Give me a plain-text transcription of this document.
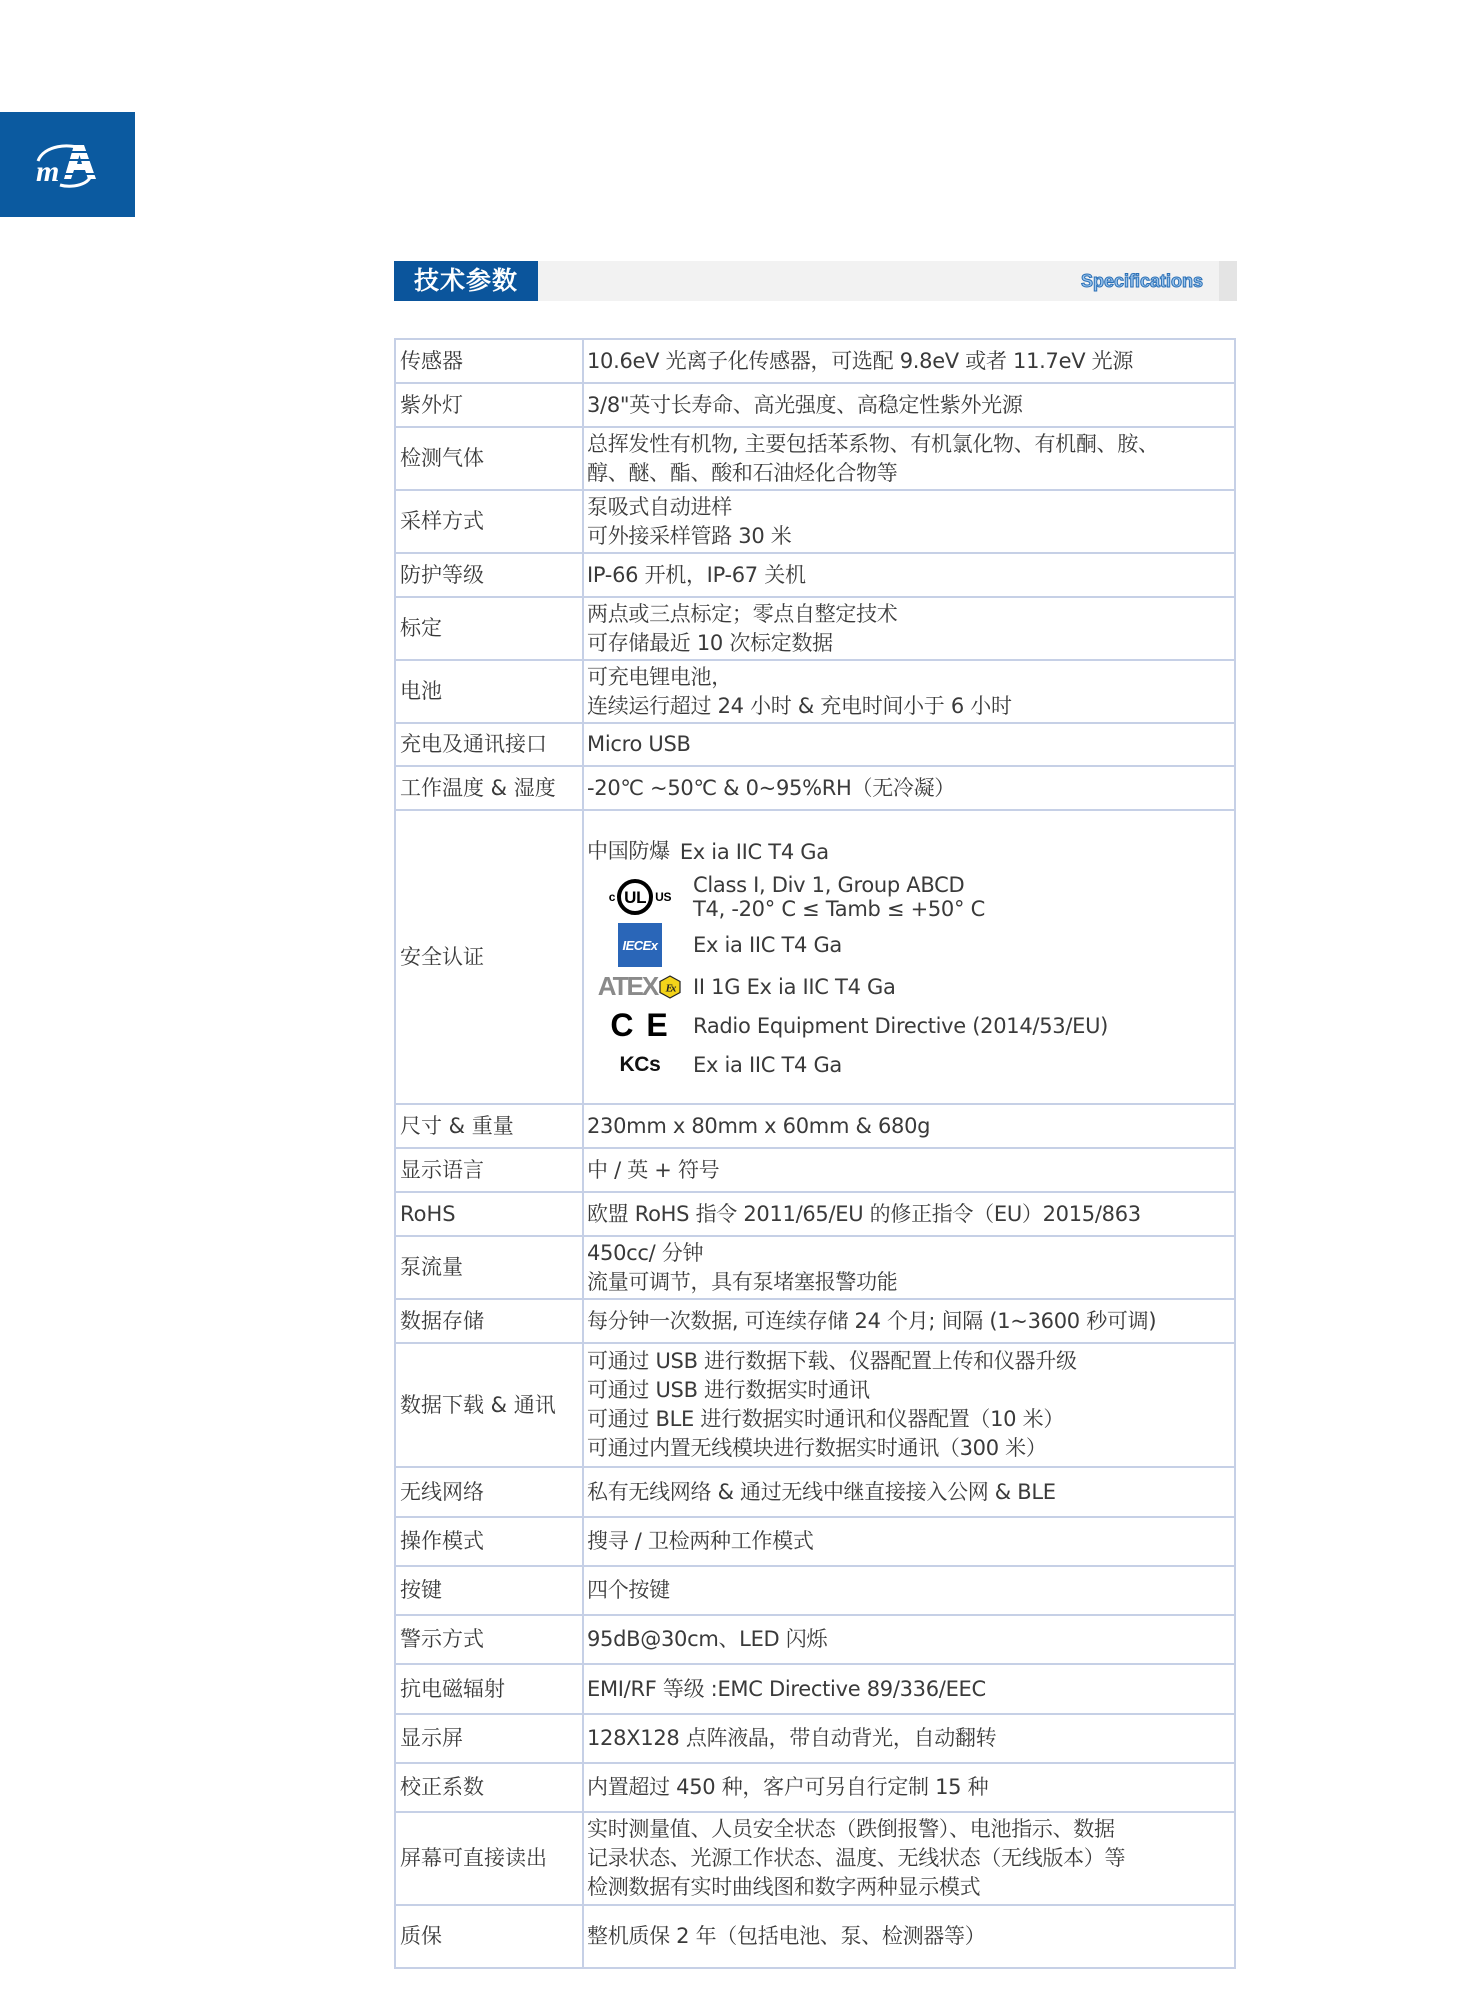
m
技术参数	Specifications
传感器	10.6eV 光离子化传感器，可选配 9.8eV 或者 11.7eV 光源

紫外灯	3/8"英寸长寿命、高光强度、高稳定性紫外光源

检测气体	总挥发性有机物, 主要包括苯系物、有机氯化物、有机酮、胺、
醇、醚、酯、酸和石油烃化合物等

采样方式	泵吸式自动进样
可外接采样管路 30 米

防护等级	IP-66 开机，IP-67 关机

标定	两点或三点标定；零点自整定技术
可存储最近 10 次标定数据

电池	可充电锂电池，
连续运行超过 24 小时 & 充电时间小于 6 小时

充电及通讯接口	Micro USB

工作温度 & 湿度	-20℃ ~50℃ & 0~95%RH（无冷凝）

安全认证	
中国防爆 Ex ia IIC T4 Ga
c UL US Class I, Div 1, Group ABCD
T4, -20° C ≤ Tamb ≤ +50° C
IECEx Ex ia IIC T4 Ga
ATEX Ex II 1G Ex ia IIC T4 Ga
C E Radio Equipment Directive (2014/53/EU)
KCs Ex ia IIC T4 Ga

尺寸 & 重量	230mm x 80mm x 60mm & 680g

显示语言	中 / 英 + 符号

RoHS	欧盟 RoHS 指令 2011/65/EU 的修正指令（EU）2015/863

泵流量	450cc/ 分钟
流量可调节，具有泵堵塞报警功能

数据存储	每分钟一次数据, 可连续存储 24 个月; 间隔 (1~3600 秒可调)

数据下载 & 通讯	可通过 USB 进行数据下载、仪器配置上传和仪器升级
可通过 USB 进行数据实时通讯
可通过 BLE 进行数据实时通讯和仪器配置（10 米）
可通过内置无线模块进行数据实时通讯（300 米）

无线网络	私有无线网络 & 通过无线中继直接接入公网 & BLE

操作模式	搜寻 / 卫检两种工作模式

按键	四个按键

警示方式	95dB@30cm、LED 闪烁

抗电磁辐射	EMI/RF 等级 :EMC Directive 89/336/EEC

显示屏	128X128 点阵液晶，带自动背光，自动翻转

校正系数	内置超过 450 种，客户可另自行定制 15 种

屏幕可直接读出	实时测量值、人员安全状态（跌倒报警）、电池指示、数据
记录状态、光源工作状态、温度、无线状态（无线版本）等
检测数据有实时曲线图和数字两种显示模式

质保	整机质保 2 年（包括电池、泵、检测器等）
